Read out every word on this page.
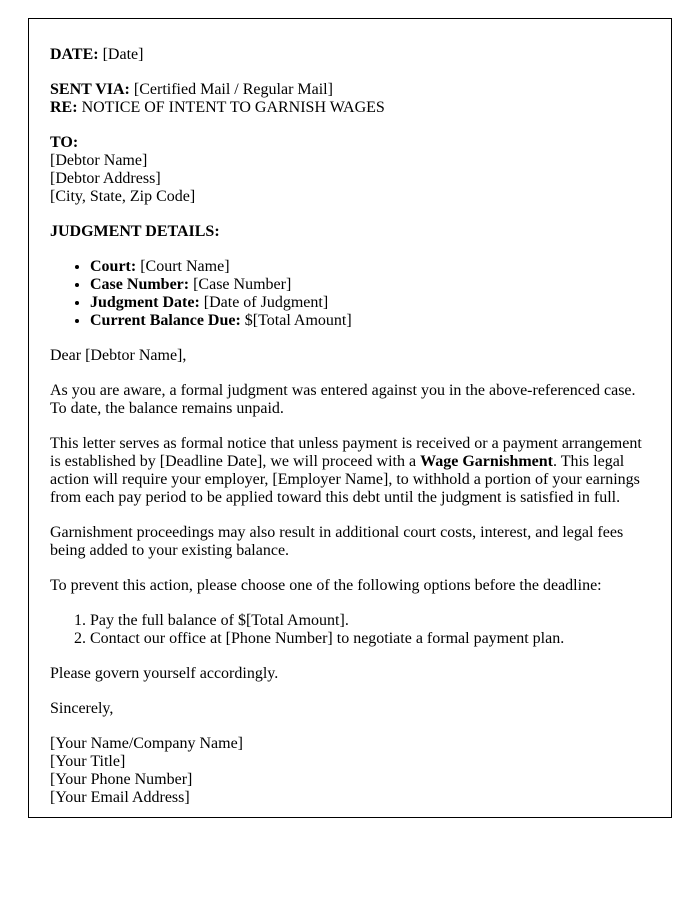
DATE: [Date]

SENT VIA: [Certified Mail / Regular Mail]
RE: NOTICE OF INTENT TO GARNISH WAGES
TO:
[Debtor Name]
[Debtor Address]
[City, State, Zip Code]

JUDGMENT DETAILS:

• Court: [Court Name]
• Case Number: [Case Number]
• Judgment Date: [Date of Judgment]
• Current Balance Due: $[Total Amount]

Dear [Debtor Name],

As you are aware, a formal judgment was entered against you in the above-referenced case. To date, the balance remains unpaid.

This letter serves as formal notice that unless payment is received or a payment arrangement is established by [Deadline Date], we will proceed with a Wage Garnishment. This legal action will require your employer, [Employer Name], to withhold a portion of your earnings from each pay period to be applied toward this debt until the judgment is satisfied in full.

Garnishment proceedings may also result in additional court costs, interest, and legal fees being added to your existing balance.

To prevent this action, please choose one of the following options before the deadline:

1. Pay the full balance of $[Total Amount].
2. Contact our office at [Phone Number] to negotiate a formal payment plan.

Please govern yourself accordingly.

Sincerely,

[Your Name/Company Name]
[Your Title]
[Your Phone Number]
[Your Email Address]
